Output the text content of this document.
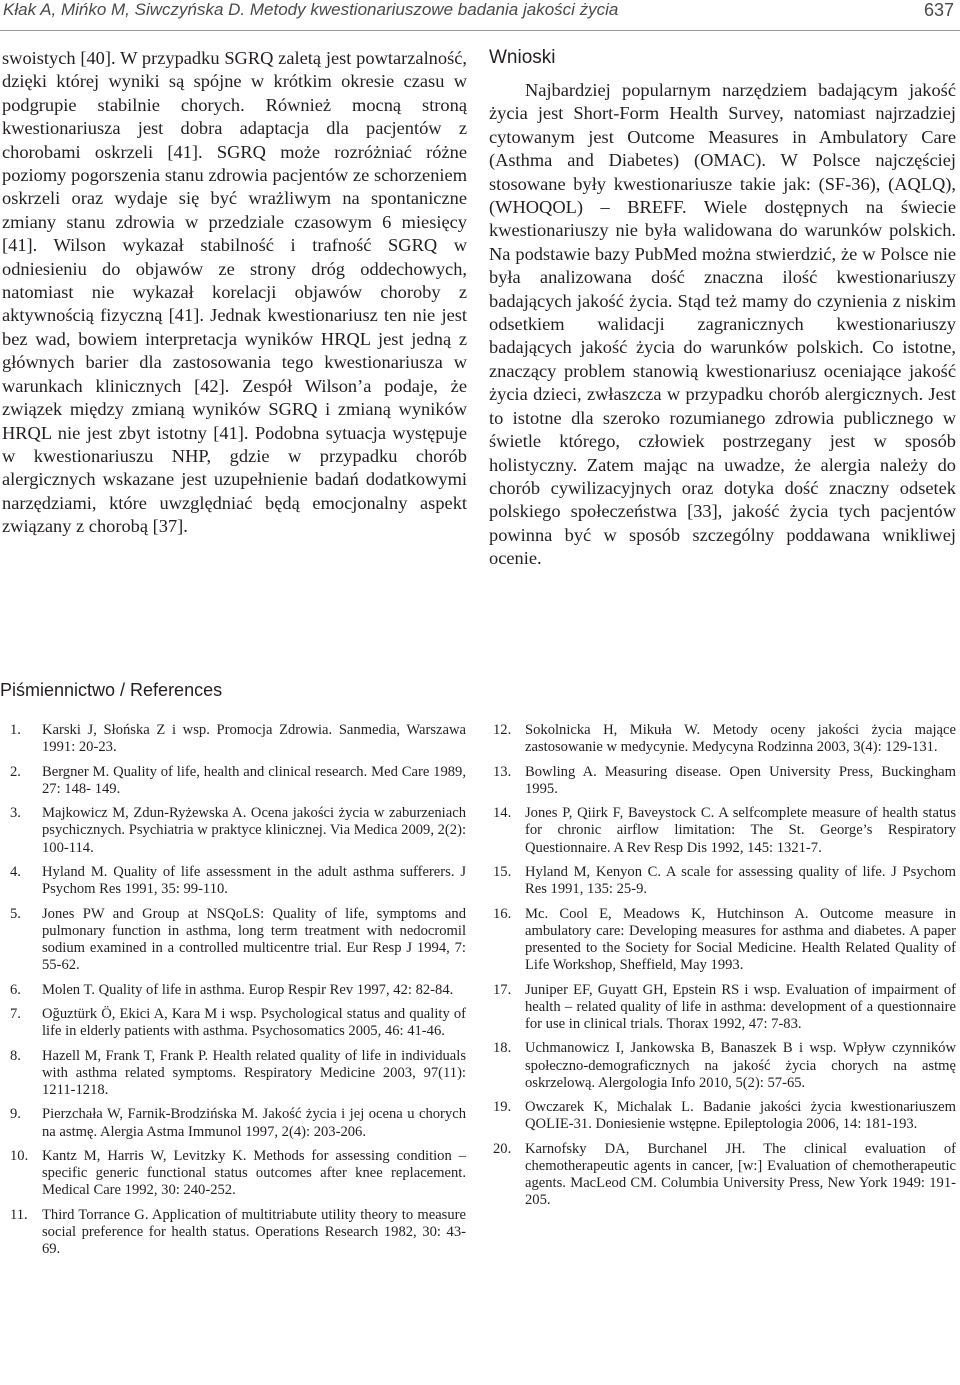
Kłak A, Mińko M, Siwczyńska D. Metody kwestionariuszowe badania jakości życia	637

swoistych [40]. W przypadku SGRQ zaletą jest powtarzalność, dzięki której wyniki są spójne w krótkim okresie czasu w podgrupie stabilnie chorych. Również mocną stroną kwestionariusza jest dobra adaptacja dla pacjentów z chorobami oskrzeli [41]. SGRQ może rozróżniać różne poziomy pogorszenia stanu zdrowia pacjentów ze schorzeniem oskrzeli oraz wydaje się być wrażliwym na spontaniczne zmiany stanu zdrowia w przedziale czasowym 6 miesięcy [41]. Wilson wykazał stabilność i trafność SGRQ w odniesieniu do objawów ze strony dróg oddechowych, natomiast nie wykazał korelacji objawów choroby z aktywnością fizyczną [41]. Jednak kwestionariusz ten nie jest bez wad, bowiem interpretacja wyników HRQL jest jedną z głównych barier dla zastosowania tego kwestionariusza w warunkach klinicznych [42]. Zespół Wilson’a podaje, że związek między zmianą wyników SGRQ i zmianą wyników HRQL nie jest zbyt istotny [41]. Podobna sytuacja występuje w kwestionariuszu NHP, gdzie w przypadku chorób alergicznych wskazane jest uzupełnienie badań dodatkowymi narzędziami, które uwzględniać będą emocjonalny aspekt związany z chorobą [37].

Wnioski

Najbardziej popularnym narzędziem badającym jakość życia jest Short-Form Health Survey, natomiast najrzadziej cytowanym jest Outcome Measures in Ambulatory Care (Asthma and Diabetes) (OMAC). W Polsce najczęściej stosowane były kwestionariusze takie jak: (SF-36), (AQLQ), (WHOQOL) – BREFF. Wiele dostępnych na świecie kwestionariuszy nie była walidowana do warunków polskich. Na podstawie bazy PubMed można stwierdzić, że w Polsce nie była analizowana dość znaczna ilość kwestionariuszy badających jakość życia. Stąd też mamy do czynienia z niskim odsetkiem walidacji zagranicznych kwestionariuszy badających jakość życia do warunków polskich. Co istotne, znaczący problem stanowią kwestionariusz oceniające jakość życia dzieci, zwłaszcza w przypadku chorób alergicznych. Jest to istotne dla szeroko rozumianego zdrowia publicznego w świetle którego, człowiek postrzegany jest w sposób holistyczny. Zatem mając na uwadze, że alergia należy do chorób cywilizacyjnych oraz dotyka dość znaczny odsetek polskiego społeczeństwa [33], jakość życia tych pacjentów powinna być w sposób szczególny poddawana wnikliwej ocenie.

Piśmiennictwo / References
1. Karski J, Słońska Z i wsp. Promocja Zdrowia. Sanmedia, Warszawa 1991: 20-23.
2. Bergner M. Quality of life, health and clinical research. Med Care 1989, 27: 148- 149.
3. Majkowicz M, Zdun-Ryżewska A. Ocena jakości życia w zaburzeniach psychicznych. Psychiatria w praktyce klinicznej. Via Medica 2009, 2(2): 100-114.
4. Hyland M. Quality of life assessment in the adult asthma sufferers. J Psychom Res 1991, 35: 99-110.
5. Jones PW and Group at NSQoLS: Quality of life, symptoms and pulmonary function in asthma, long term treatment with nedocromil sodium examined in a controlled multicentre trial. Eur Resp J 1994, 7: 55-62.
6. Molen T. Quality of life in asthma. Europ Respir Rev 1997, 42: 82-84.
7. Oğuztürk Ö, Ekici A, Kara M i wsp. Psychological status and quality of life in elderly patients with asthma. Psychosomatics 2005, 46: 41-46.
8. Hazell M, Frank T, Frank P. Health related quality of life in individuals with asthma related symptoms. Respiratory Medicine 2003, 97(11): 1211-1218.
9. Pierzchała W, Farnik-Brodzińska M. Jakość życia i jej ocena u chorych na astmę. Alergia Astma Immunol 1997, 2(4): 203-206.
10. Kantz M, Harris W, Levitzky K. Methods for assessing condition – specific generic functional status outcomes after knee replacement. Medical Care 1992, 30: 240-252.
11. Third Torrance G. Application of multitriabute utility theory to measure social preference for health status. Operations Research 1982, 30: 43-69.
12. Sokolnicka H, Mikuła W. Metody oceny jakości życia mające zastosowanie w medycynie. Medycyna Rodzinna 2003, 3(4): 129-131.
13. Bowling A. Measuring disease. Open University Press, Buckingham 1995.
14. Jones P, Qiirk F, Baveystock C. A selfcomplete measure of health status for chronic airflow limitation: The St. George’s Respiratory Questionnaire. A Rev Resp Dis 1992, 145: 1321-7.
15. Hyland M, Kenyon C. A scale for assessing quality of life. J Psychom Res 1991, 135: 25-9.
16. Mc. Cool E, Meadows K, Hutchinson A. Outcome measure in ambulatory care: Developing measures for asthma and diabetes. A paper presented to the Society for Social Medicine. Health Related Quality of Life Workshop, Sheffield, May 1993.
17. Juniper EF, Guyatt GH, Epstein RS i wsp. Evaluation of impairment of health – related quality of life in asthma: development of a questionnaire for use in clinical trials. Thorax 1992, 47: 7-83.
18. Uchmanowicz I, Jankowska B, Banaszek B i wsp. Wpływ czynników społeczno-demograficznych na jakość życia chorych na astmę oskrzelową. Alergologia Info 2010, 5(2): 57-65.
19. Owczarek K, Michalak L. Badanie jakości życia kwestionariuszem QOLIE-31. Doniesienie wstępne. Epileptologia 2006, 14: 181-193.
20. Karnofsky DA, Burchanel JH. The clinical evaluation of chemotherapeutic agents in cancer, [w:] Evaluation of chemotherapeutic agents. MacLeod CM. Columbia University Press, New York 1949: 191-205.
